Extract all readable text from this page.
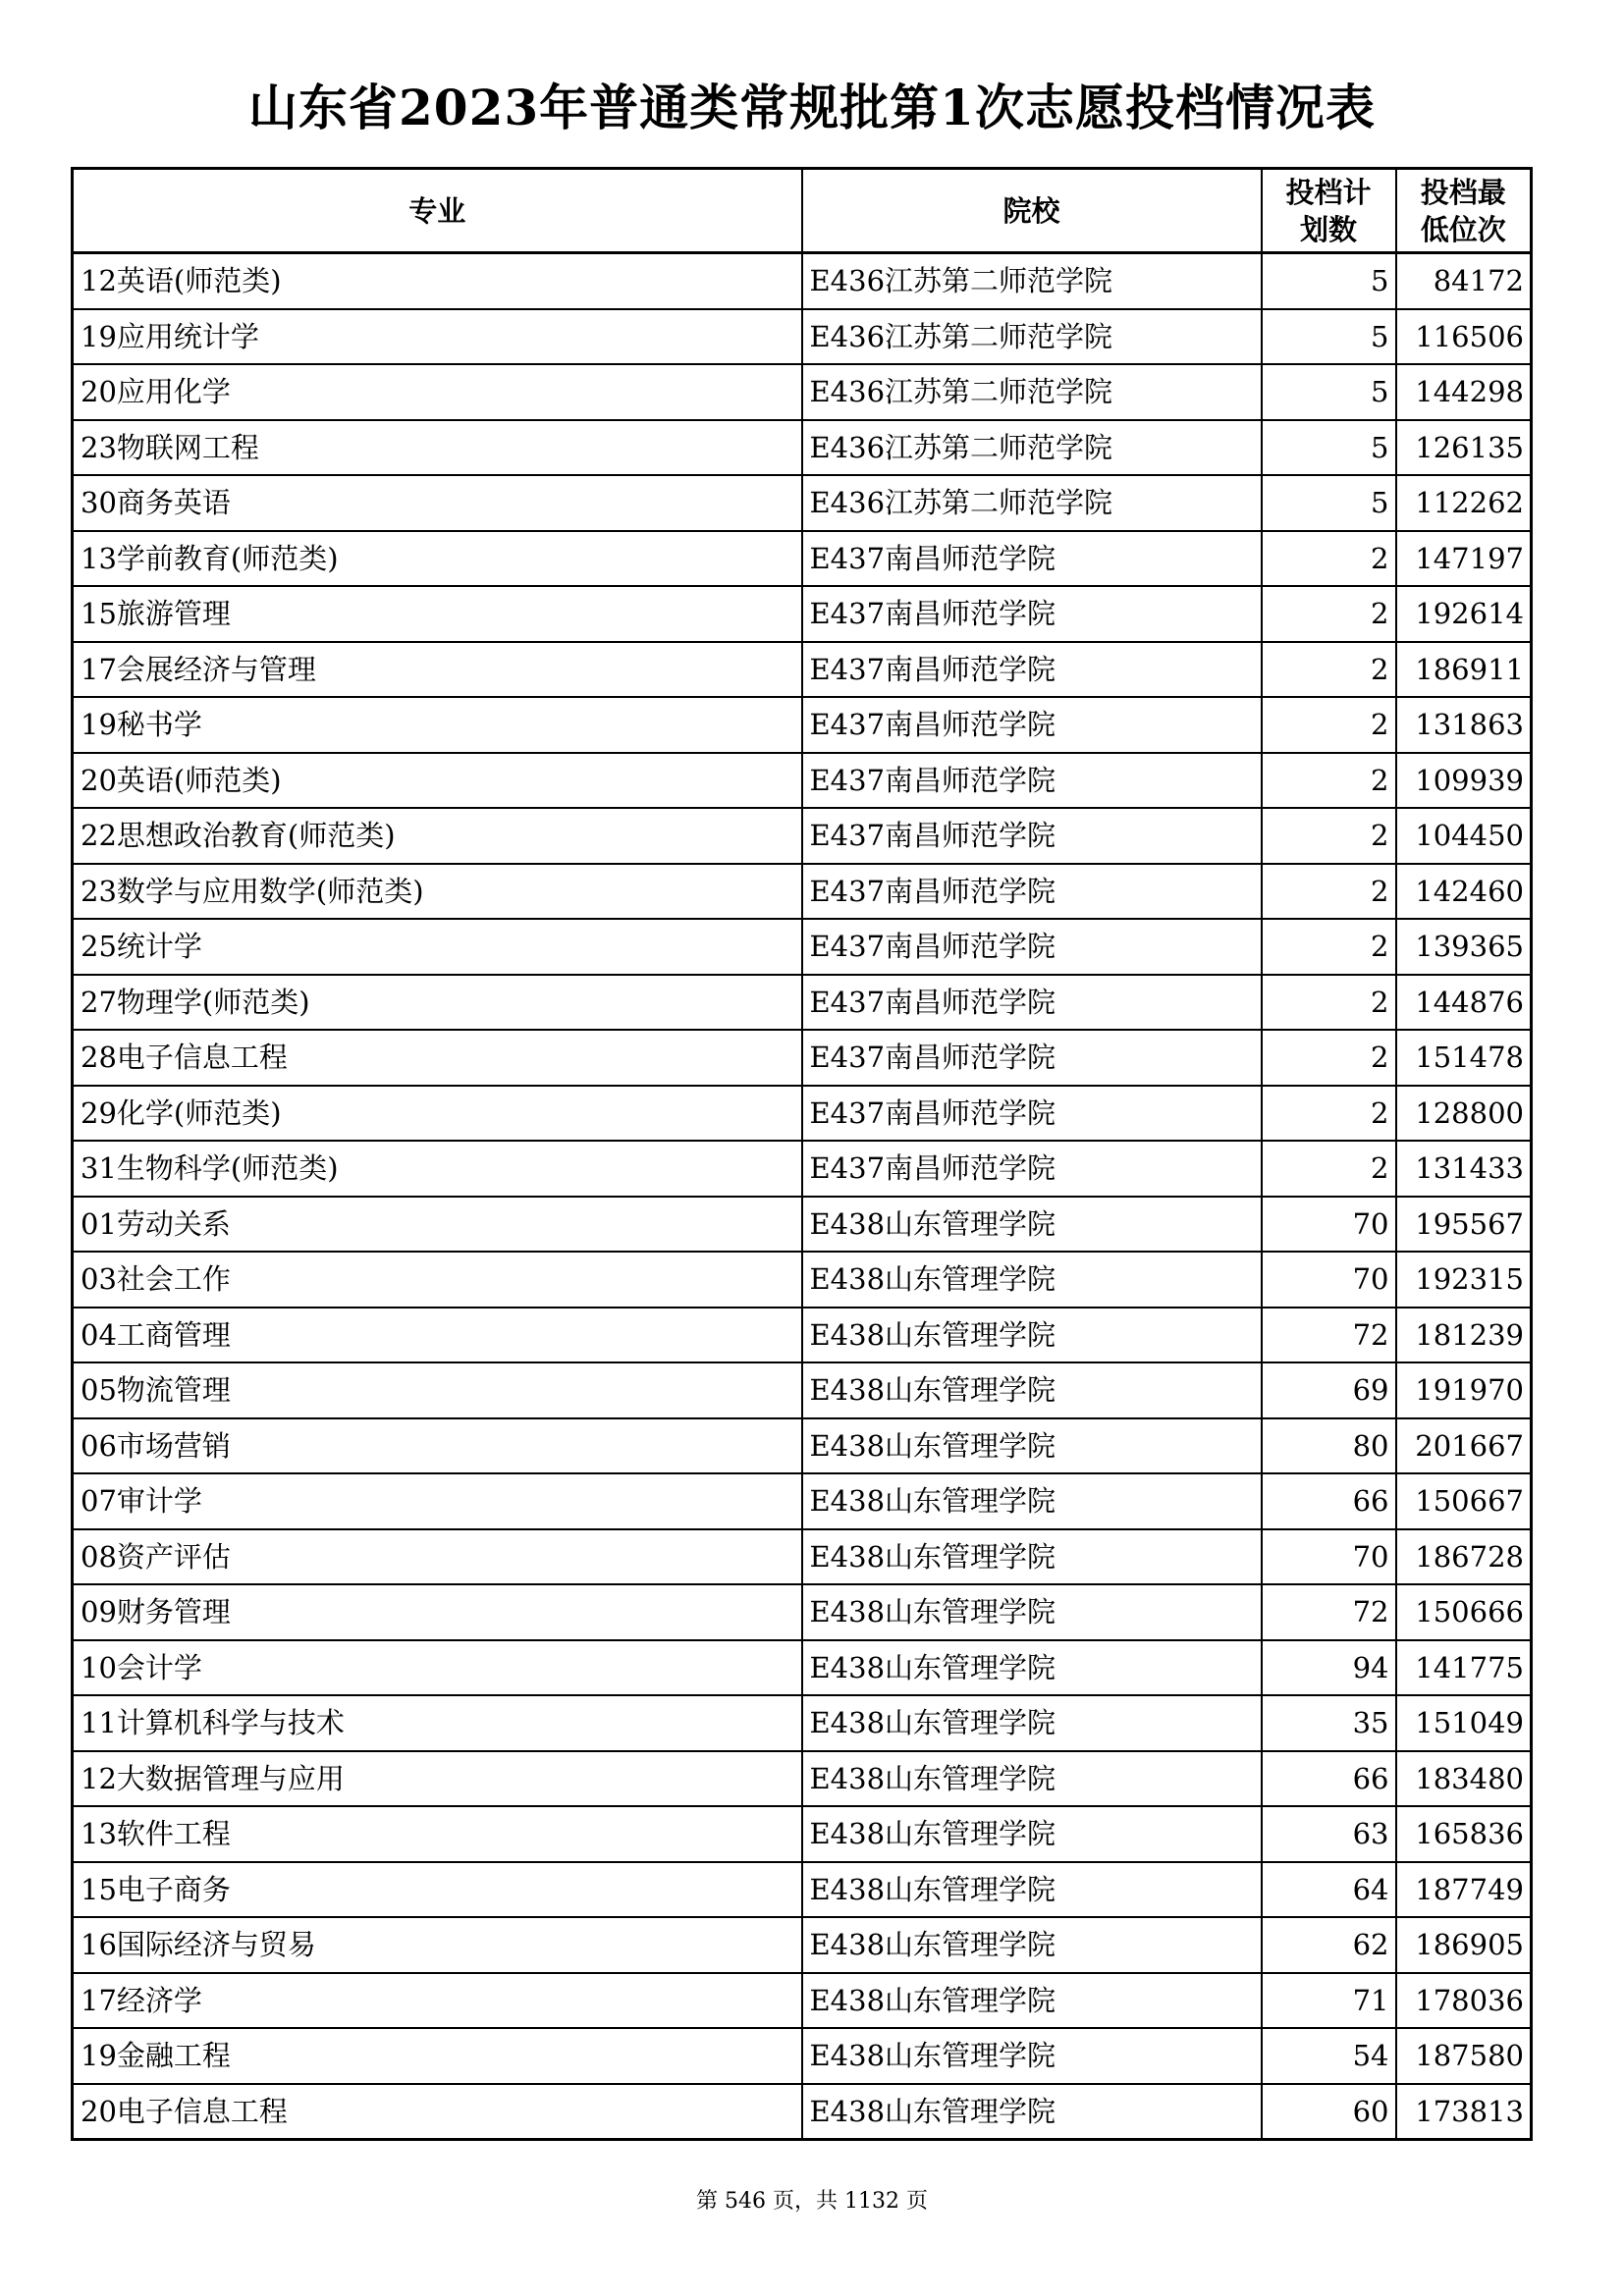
山东省2023年普通类常规批第1次志愿投档情况表
专业	院校	投档计划数	投档最低位次
12英语(师范类)	E436江苏第二师范学院	5	84172
19应用统计学	E436江苏第二师范学院	5	116506
20应用化学	E436江苏第二师范学院	5	144298
23物联网工程	E436江苏第二师范学院	5	126135
30商务英语	E436江苏第二师范学院	5	112262
13学前教育(师范类)	E437南昌师范学院	2	147197
15旅游管理	E437南昌师范学院	2	192614
17会展经济与管理	E437南昌师范学院	2	186911
19秘书学	E437南昌师范学院	2	131863
20英语(师范类)	E437南昌师范学院	2	109939
22思想政治教育(师范类)	E437南昌师范学院	2	104450
23数学与应用数学(师范类)	E437南昌师范学院	2	142460
25统计学	E437南昌师范学院	2	139365
27物理学(师范类)	E437南昌师范学院	2	144876
28电子信息工程	E437南昌师范学院	2	151478
29化学(师范类)	E437南昌师范学院	2	128800
31生物科学(师范类)	E437南昌师范学院	2	131433
01劳动关系	E438山东管理学院	70	195567
03社会工作	E438山东管理学院	70	192315
04工商管理	E438山东管理学院	72	181239
05物流管理	E438山东管理学院	69	191970
06市场营销	E438山东管理学院	80	201667
07审计学	E438山东管理学院	66	150667
08资产评估	E438山东管理学院	70	186728
09财务管理	E438山东管理学院	72	150666
10会计学	E438山东管理学院	94	141775
11计算机科学与技术	E438山东管理学院	35	151049
12大数据管理与应用	E438山东管理学院	66	183480
13软件工程	E438山东管理学院	63	165836
15电子商务	E438山东管理学院	64	187749
16国际经济与贸易	E438山东管理学院	62	186905
17经济学	E438山东管理学院	71	178036
19金融工程	E438山东管理学院	54	187580
20电子信息工程	E438山东管理学院	60	173813
第 546 页，共 1132 页
